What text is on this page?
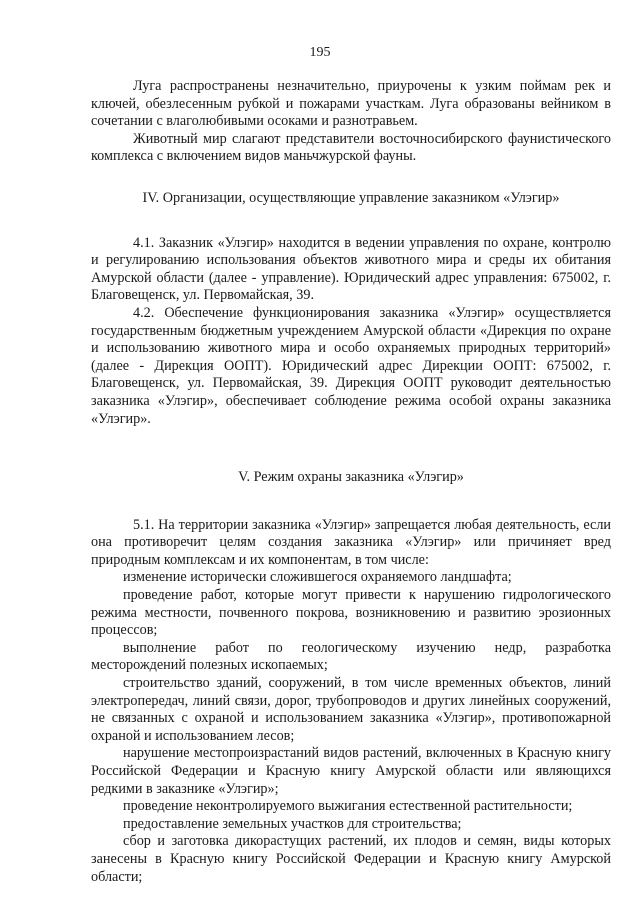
195

Луга распространены незначительно, приурочены к узким поймам рек и ключей, обезлесенным рубкой и пожарами участкам. Луга образованы вейником в сочетании с влаголюбивыми осоками и разнотравьем.

Животный мир слагают представители восточносибирского фаунистического комплекса с включением видов маньчжурской фауны.

IV. Организации, осуществляющие управление заказником «Улэгир»

4.1. Заказник «Улэгир» находится в ведении управления по охране, контролю и регулированию использования объектов животного мира и среды их обитания Амурской области (далее - управление). Юридический адрес управления: 675002, г. Благовещенск, ул. Первомайская, 39.

4.2. Обеспечение функционирования заказника «Улэгир» осуществляется государственным бюджетным учреждением Амурской области «Дирекция по охране и использованию животного мира и особо охраняемых природных территорий» (далее - Дирекция ООПТ). Юридический адрес Дирекции ООПТ: 675002, г. Благовещенск, ул. Первомайская, 39. Дирекция ООПТ руководит деятельностью заказника «Улэгир», обеспечивает соблюдение режима особой охраны заказника «Улэгир».

V. Режим охраны заказника «Улэгир»

5.1. На территории заказника «Улэгир» запрещается любая деятельность, если она противоречит целям создания заказника «Улэгир» или причиняет вред природным комплексам и их компонентам, в том числе:

изменение исторически сложившегося охраняемого ландшафта;

проведение работ, которые могут привести к нарушению гидрологического режима местности, почвенного покрова, возникновению и развитию эрозионных процессов;

выполнение работ по геологическому изучению недр, разработка месторождений полезных ископаемых;

строительство зданий, сооружений, в том числе временных объектов, линий электропередач, линий связи, дорог, трубопроводов и других линейных сооружений, не связанных с охраной и использованием заказника «Улэгир», противопожарной охраной и использованием лесов;

нарушение местопроизрастаний видов растений, включенных в Красную книгу Российской Федерации и Красную книгу Амурской области или являющихся редкими в заказнике «Улэгир»;

проведение неконтролируемого выжигания естественной растительности;

предоставление земельных участков для строительства;

сбор и заготовка дикорастущих растений, их плодов и семян, виды которых занесены в Красную книгу Российской Федерации и Красную книгу Амурской области;
